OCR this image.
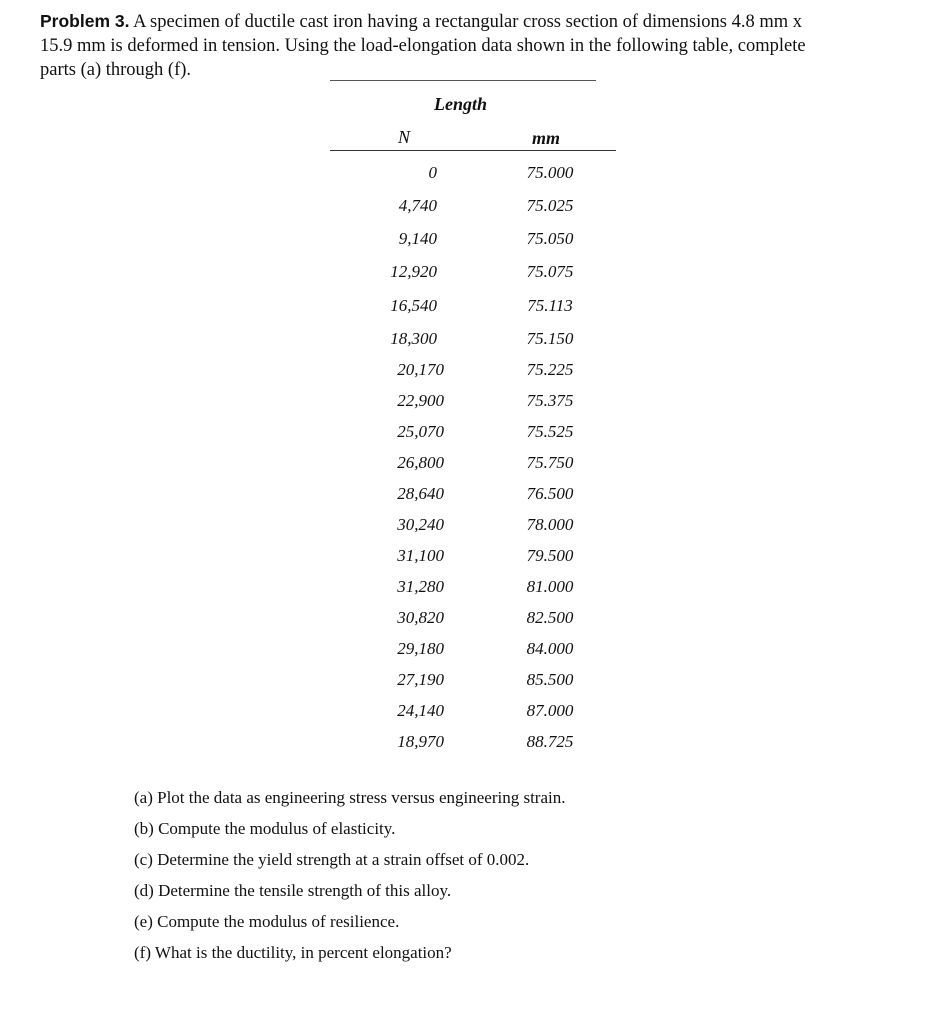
Problem 3. A specimen of ductile cast iron having a rectangular cross section of dimensions 4.8 mm x
15.9 mm is deformed in tension. Using the load-elongation data shown in the following table, complete
parts (a) through (f).
Length
N	mm
0	75.000
4,740	75.025
9,140	75.050
12,920	75.075
16,540	75.113
18,300	75.150
20,170	75.225
22,900	75.375
25,070	75.525
26,800	75.750
28,640	76.500
30,240	78.000
31,100	79.500
31,280	81.000
30,820	82.500
29,180	84.000
27,190	85.500
24,140	87.000
18,970	88.725
(a) Plot the data as engineering stress versus engineering strain.
(b) Compute the modulus of elasticity.
(c) Determine the yield strength at a strain offset of 0.002.
(d) Determine the tensile strength of this alloy.
(e) Compute the modulus of resilience.
(f) What is the ductility, in percent elongation?
